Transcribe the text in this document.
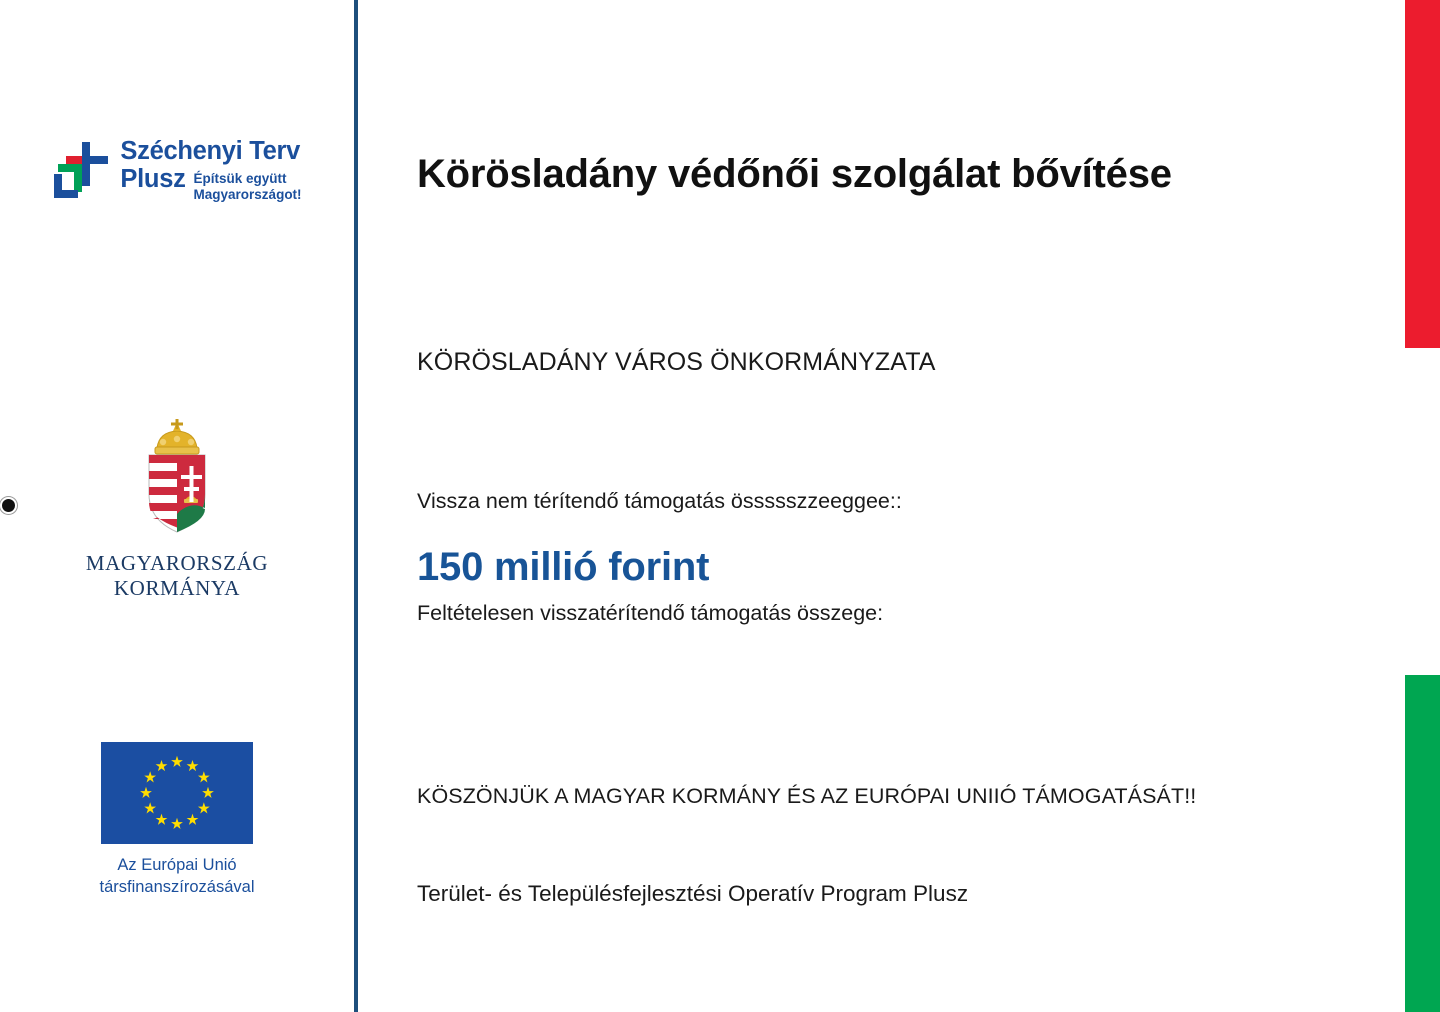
Széchenyi Terv
Plusz Építsük együtt
Magyarországot!
MAGYARORSZÁG
KORMÁNYA
Az Európai Unió
társfinanszírozásával
Körösladány védőnői szolgálat bővítése
KÖRÖSLADÁNY VÁROS ÖNKORMÁNYZATA
Vissza nem térítendő támogatás össssszzeeggee::
150 millió forint
Feltételesen visszatérítendő támogatás összege:
KÖSZÖNJÜK A MAGYAR KORMÁNY ÉS AZ EURÓPAI UNIIÓ TÁMOGATÁSÁT!!
Terület- és Településfejlesztési Operatív Program Plusz
